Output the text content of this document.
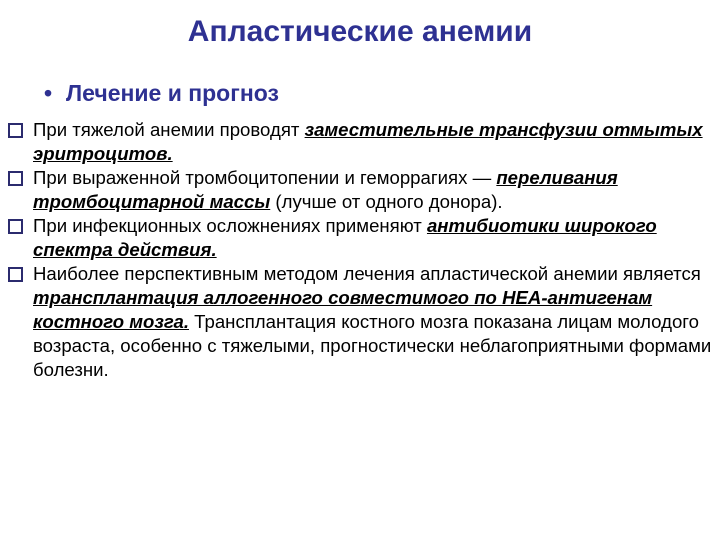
Апластические анемии
• Лечение и прогноз
При тяжелой анемии проводят заместительные трансфузии отмытых эритроцитов.
При выраженной тромбоцитопении и геморрагиях — переливания тромбоцитарной массы (лучше от одного донора).
При инфекционных осложнениях применяют антибиотики широкого спектра действия.
Наиболее перспективным методом лечения апластической анемии является трансплантация аллогенного совместимого по HEA-антигенам костного мозга. Трансплантация костного мозга показана лицам молодого возраста, особенно с тяжелыми, прогностически неблагоприятными формами болезни.
